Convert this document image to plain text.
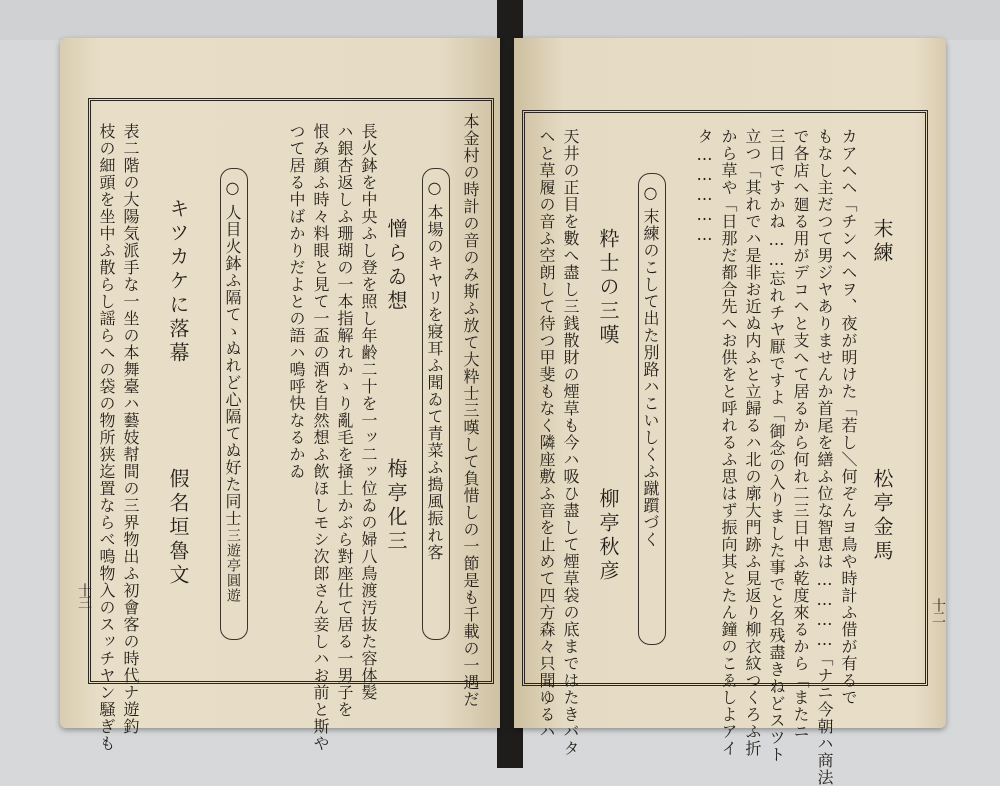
十三	本金村の時計の音のみ斯ふ放て大粋士三嘆して負惜しの一節是も千載の一遇だ
○
本場のキヤリを寢耳ふ聞ゐて青菜ふ搗風振れ客
憎らゐ想
梅亭化三
長火鉢を中央ふし登を照し年齢二十を一ッ二ッ位ゐの婦八鳥渡汚抜た容体髪
ハ銀杏返しふ珊瑚の一本指解れかゝり亂毛を掻上かぶら對座仕て居る一男子を
恨み顔ふ時々料眼と見て一盃の酒を自然想ふ飲ほしモシ次郎さん妾しハお前と斯や
つて居る中ばかりだよとの語ハ鳴呼快なるかゐ
○
人目火鉢ふ隔てゝぬれど心隔てぬ好た同士
三遊亭圓遊
キツカケに落幕
假名垣魯文
表二階の大陽気派手な一坐の本舞臺ハ藝妓幇間の三界物出ふ初會客の時代ナ遊釣
枝の細頭を坐中ふ散らし謡らへの袋の物所狭迄置ならべ鳴物入のスッチヤン騒ぎも	十二
末練
松亭金馬
カアヘヘ「チンヘヘヲ、夜が明けた「若し＼何ぞんヨ鳥や時計ふ借が有るで
もなし主だつて男ジヤありませんか首尾を繕ふ位な智恵は…………「ナニ今朝ハ商法
で各店へ廻る用がデコヘと支へて居るから何れ二三日中ふ乾度來るから「またニ
三日ですかね……忘れチヤ厭ですよ「御念の入りました事でと名残盡きねどスツト
立つ「其れでハ是非お近ぬ内ふと立歸るハ北の廓大門跡ふ見返り柳衣紋つくろふ折
から草や「日那だ都合先へお供をと呼れるふ思はず振向其とたん鐘のこゑしよアイ
タ……………
○
末練のこして出た別路ハこいしくふ蹴躓づく
粋士の三嘆
柳亭秋彦
天井の正目を數へ盡し三銭散財の煙草も今ハ吸ひ盡して煙草袋の底まではたきバタ
ヘと草履の音ふ空朗して待つ甲斐もなく隣座敷ふ音を止めて四方森々只聞ゆるハ
